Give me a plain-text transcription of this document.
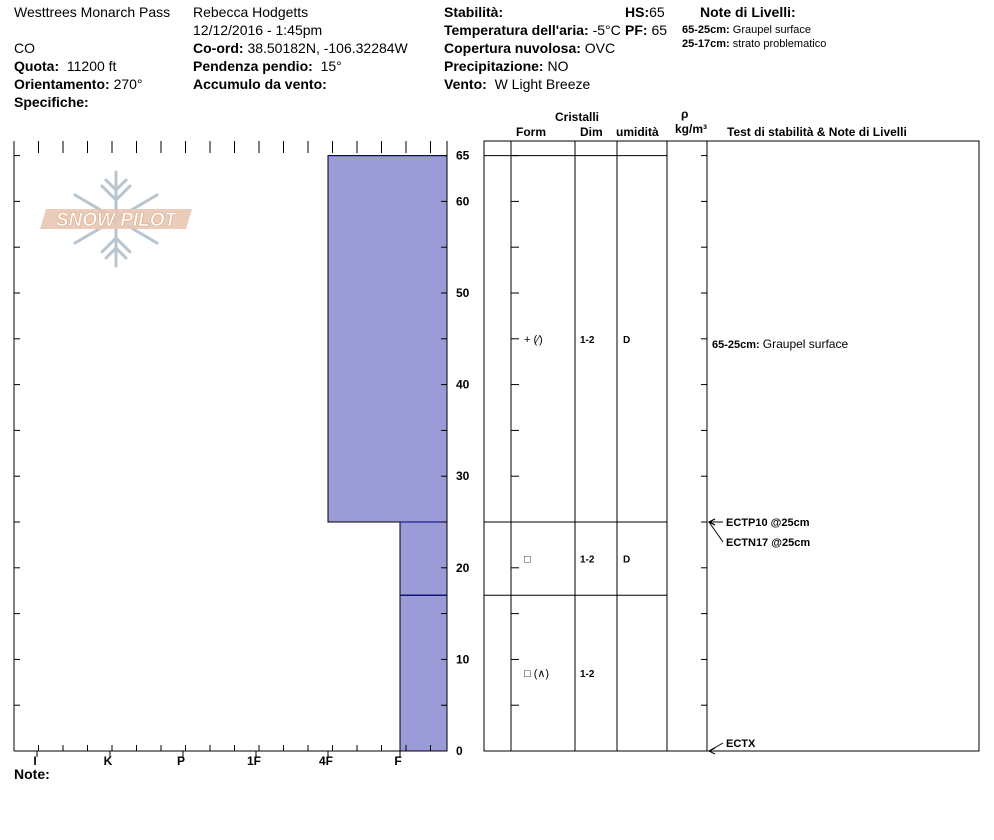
Westtrees Monarch Pass Rebecca Hodgetts
12/12/2016 - 1:45pm
CO	Co-ord: 38.50182N, -106.32284W
Quota: 11200 ft	Pendenza pendio: 15°
Orientamento: 270°	Accumulo da vento:
Specifiche:
Stabilità:	HS:65
Temperatura dell'aria: -5°C PF: 65
Copertura nuvolosa: OVC
Precipitazione: NO
Vento: W Light Breeze
Note di Livelli:
65-25cm: Graupel surface
25-17cm: strato problematico
Cristalli
Form	Dim umidità
ρ
kg/m³ Test di stabilità & Note di Livelli
SNOW PILOT
I	K	P	1F	4F	F
0
10
20
30
40
50
60
65
+ (⁄)	1-2	D
□	1-2	D
□ (∧)	1-2
65-25cm: Graupel surface
ECTP10 @25cm
ECTN17 @25cm
ECTX
Note:
